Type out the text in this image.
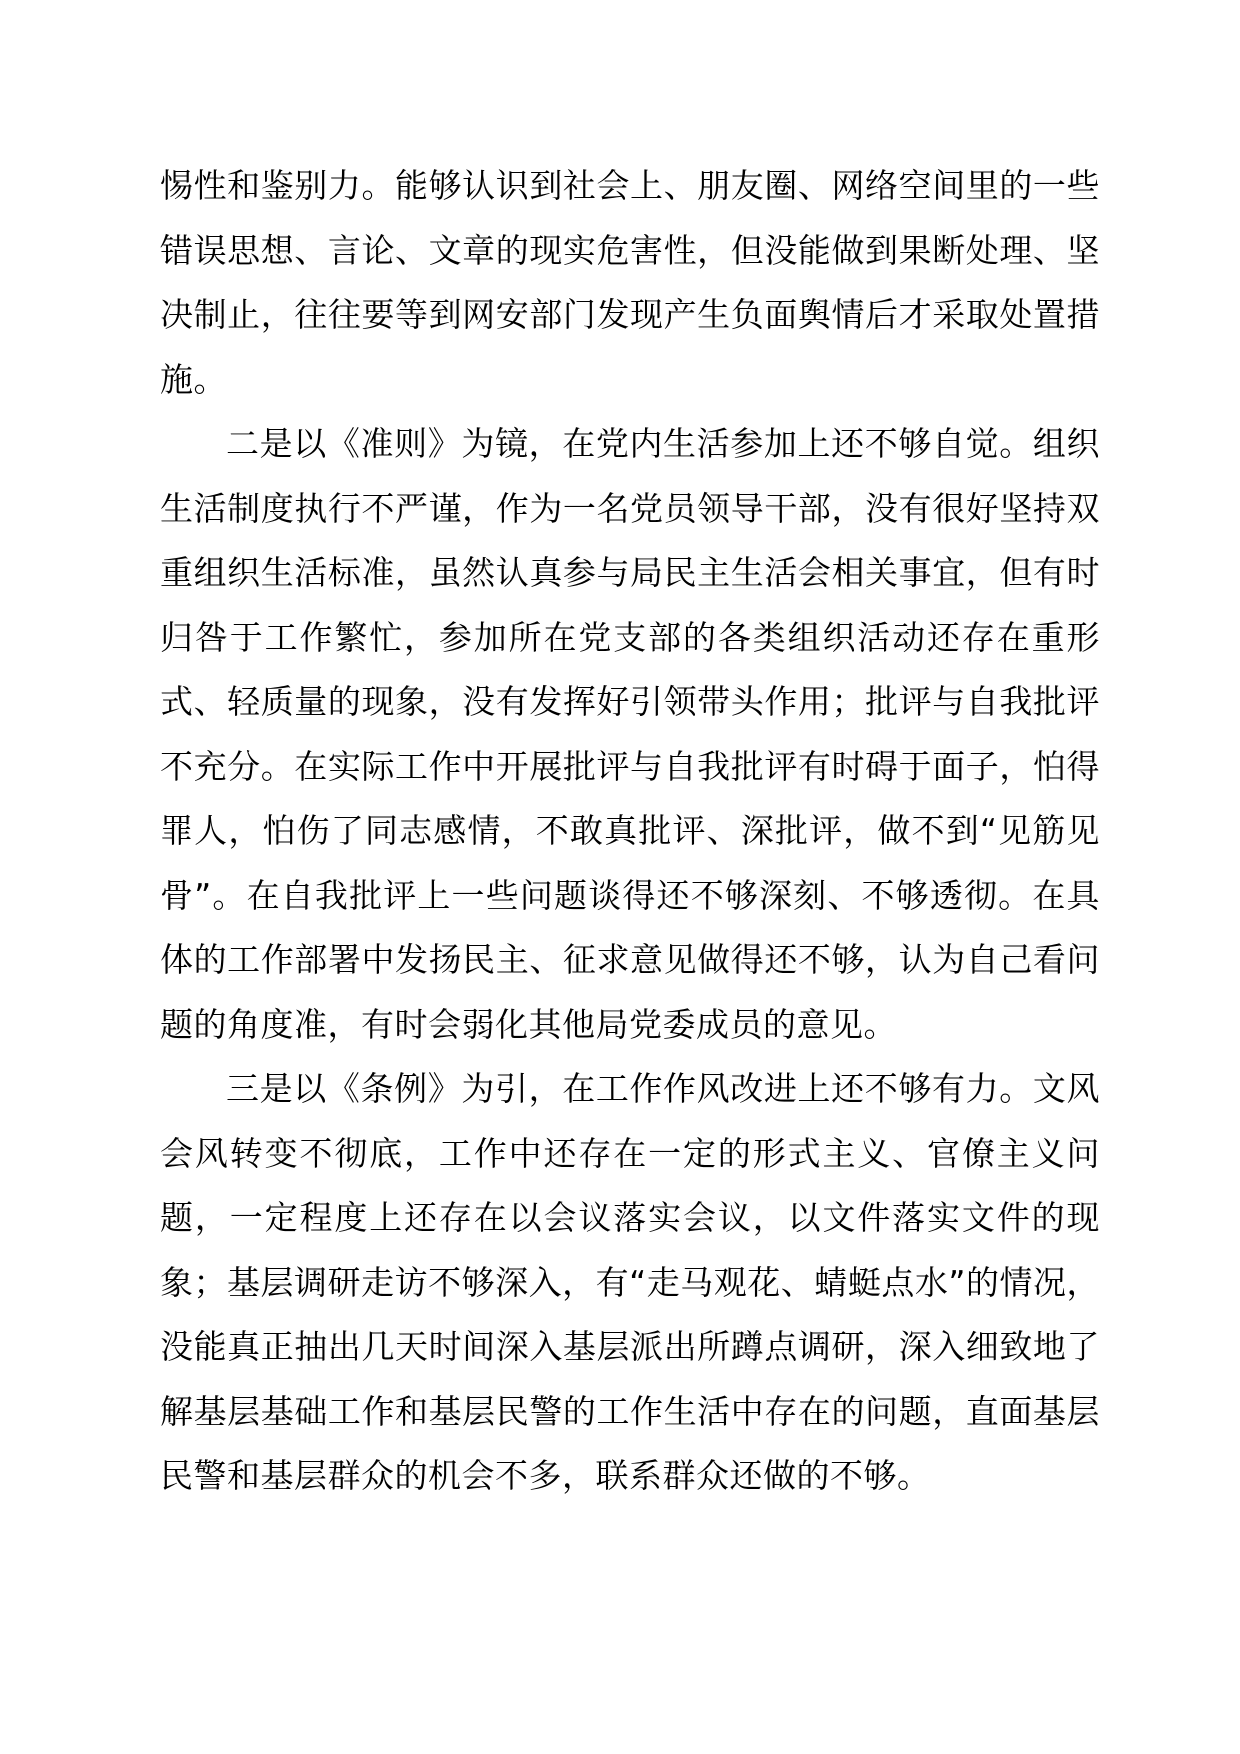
惕性和鉴别力。能够认识到社会上、朋友圈、网络空间里的一些错误思想、言论、文章的现实危害性，但没能做到果断处理、坚决制止，往往要等到网安部门发现产生负面舆情后才采取处置措施。

二是以《准则》为镜，在党内生活参加上还不够自觉。组织生活制度执行不严谨，作为一名党员领导干部，没有很好坚持双重组织生活标准，虽然认真参与局民主生活会相关事宜，但有时归咎于工作繁忙，参加所在党支部的各类组织活动还存在重形式、轻质量的现象，没有发挥好引领带头作用；批评与自我批评不充分。在实际工作中开展批评与自我批评有时碍于面子，怕得罪人，怕伤了同志感情，不敢真批评、深批评，做不到“见筋见骨”。在自我批评上一些问题谈得还不够深刻、不够透彻。在具体的工作部署中发扬民主、征求意见做得还不够，认为自己看问题的角度准，有时会弱化其他局党委成员的意见。

三是以《条例》为引，在工作作风改进上还不够有力。文风会风转变不彻底，工作中还存在一定的形式主义、官僚主义问题，一定程度上还存在以会议落实会议，以文件落实文件的现象；基层调研走访不够深入，有“走马观花、蜻蜓点水”的情况，没能真正抽出几天时间深入基层派出所蹲点调研，深入细致地了解基层基础工作和基层民警的工作生活中存在的问题，直面基层民警和基层群众的机会不多，联系群众还做的不够。
